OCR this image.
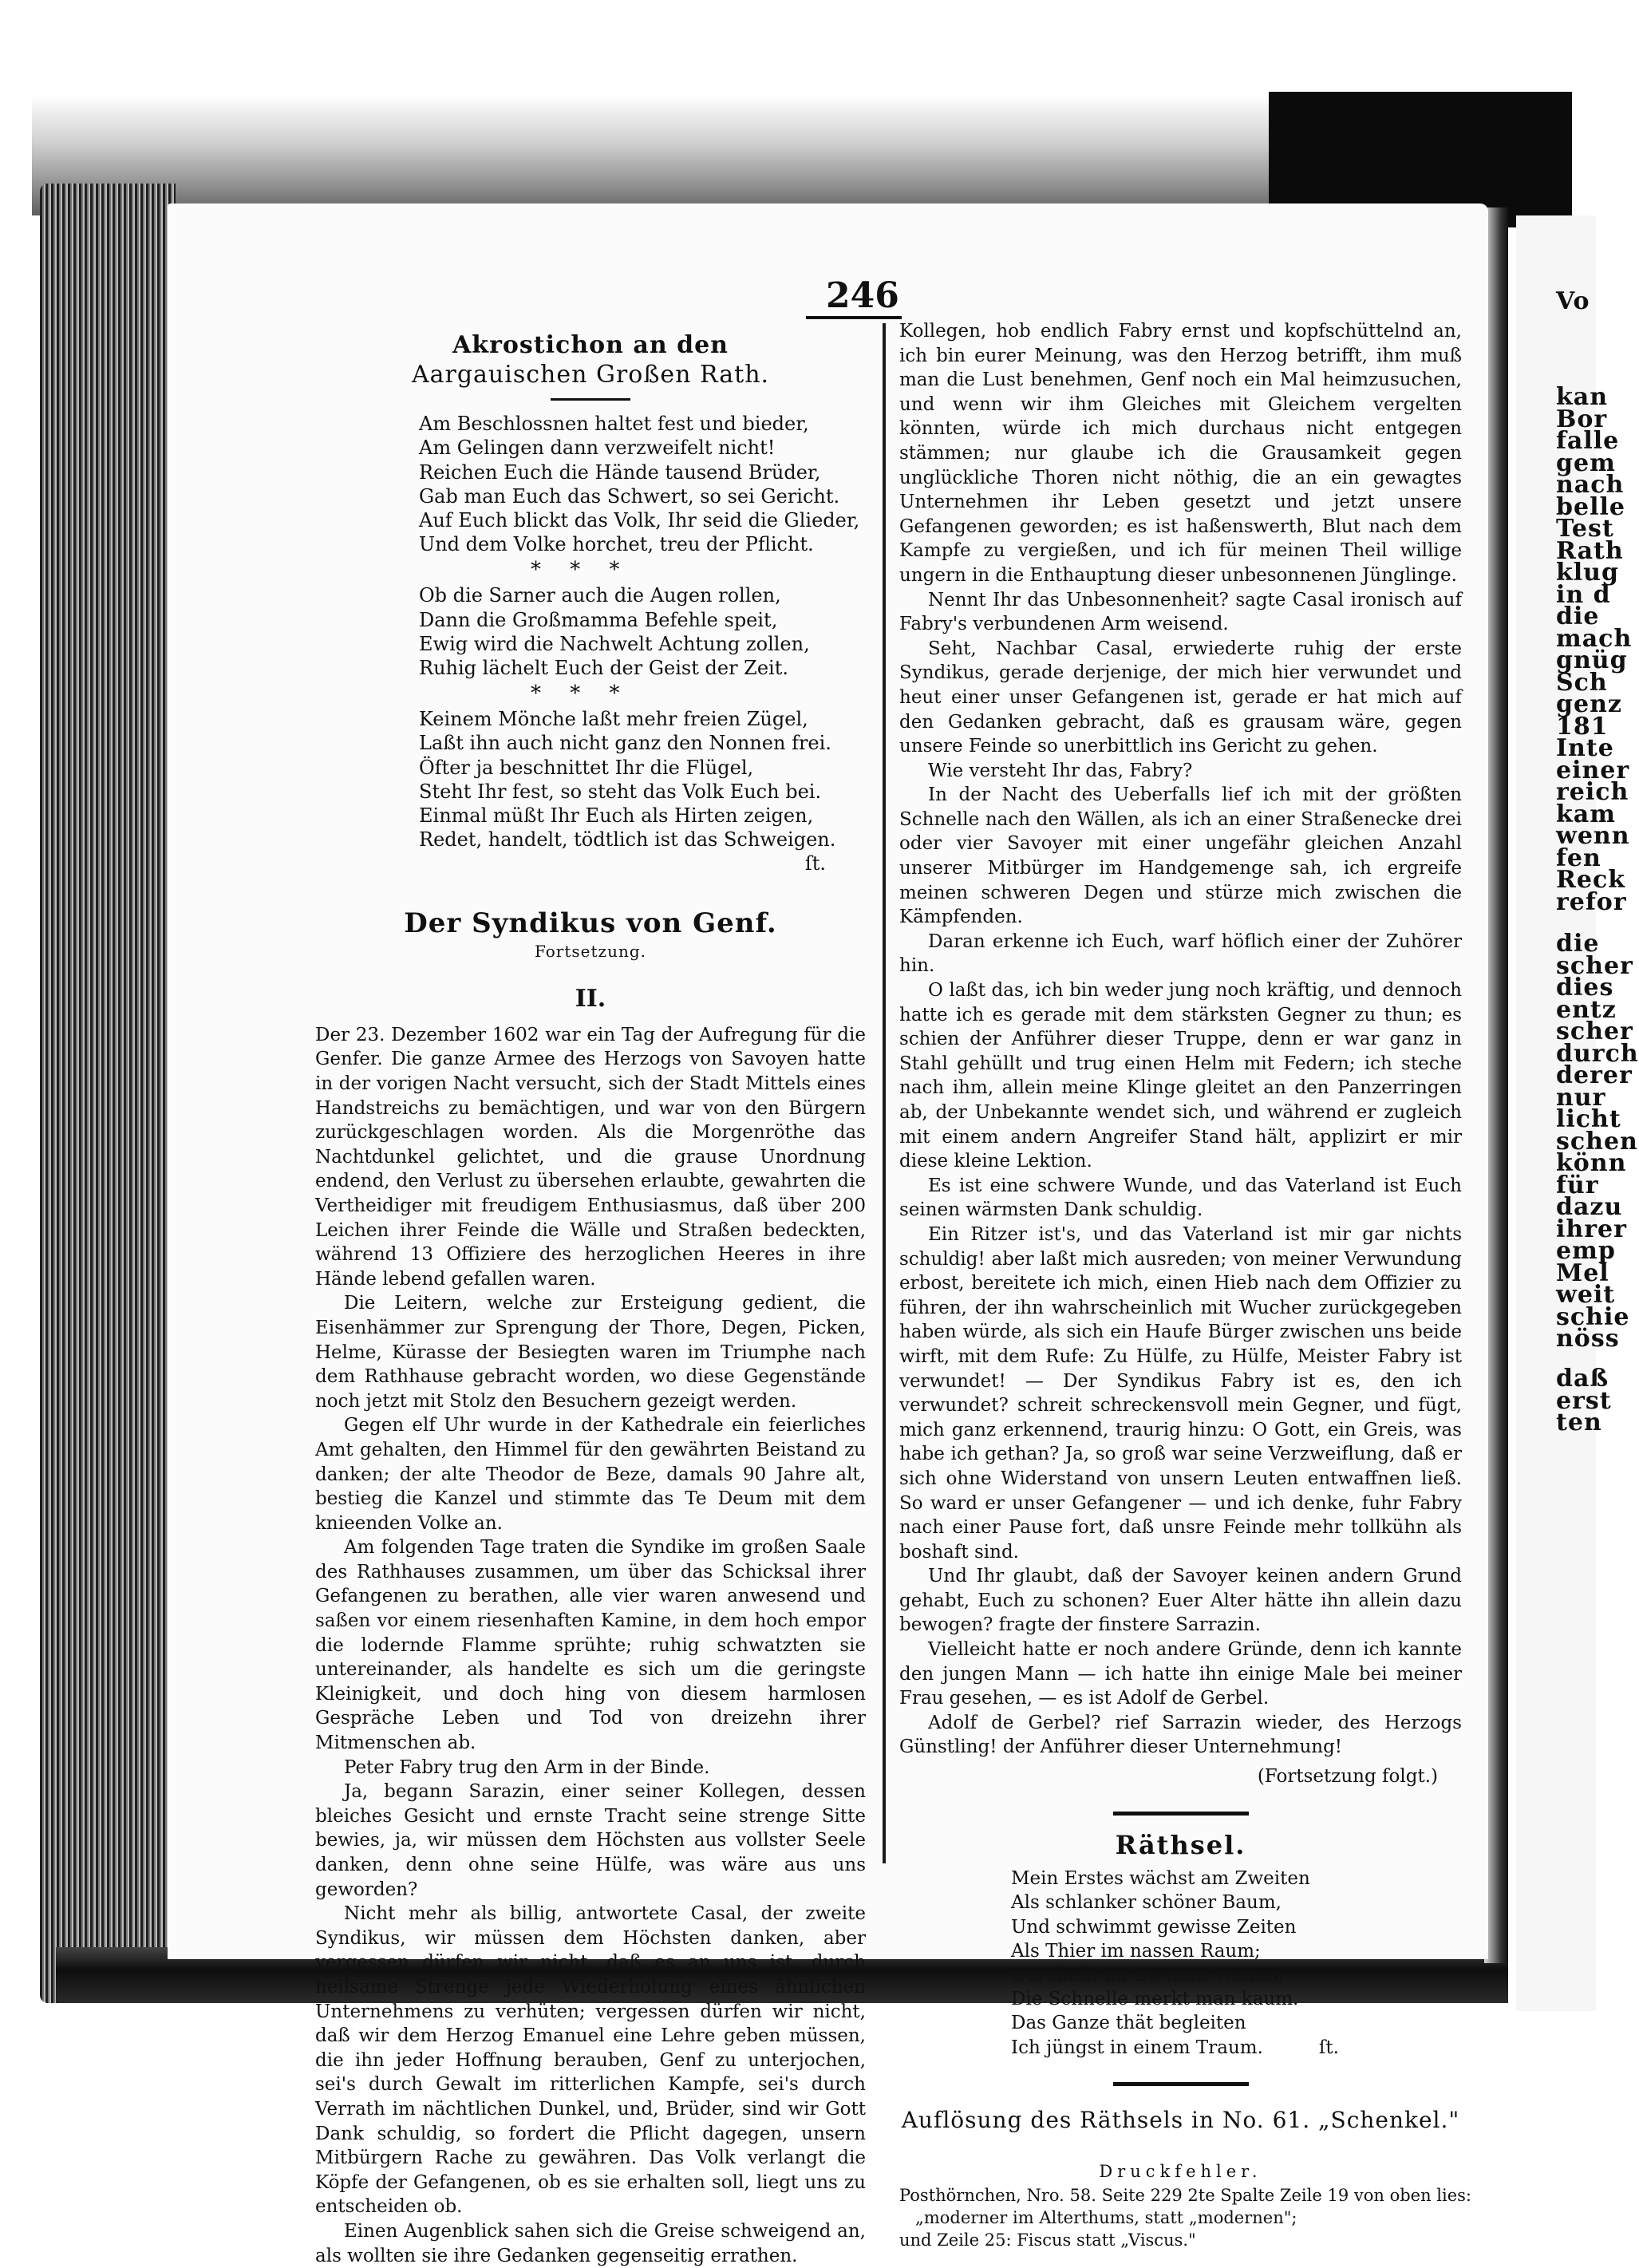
Vo
kan
Bor
falle
gem
nach
belle
Test
Rath
klug
in d
die
mach
gnüg
Sch
genz
181
Inte
einer
reich
kam
wenn
fen
Reck
refor
die
scher
dies
entz
scher
durch
derer
nur
licht
schen
könn
für
dazu
ihrer
emp
Mel
weit
schie
nöss
daß
erst
ten
246
Akrostichon an den
Aargauischen Großen Rath.
Am Beschlossnen haltet fest und bieder,
Am Gelingen dann verzweifelt nicht!
Reichen Euch die Hände tausend Brüder,
Gab man Euch das Schwert, so sei Gericht.
Auf Euch blickt das Volk, Ihr seid die Glieder,
Und dem Volke horchet, treu der Pflicht.
* * *
Ob die Sarner auch die Augen rollen,
Dann die Großmamma Befehle speit,
Ewig wird die Nachwelt Achtung zollen,
Ruhig lächelt Euch der Geist der Zeit.
* * *
Keinem Mönche laßt mehr freien Zügel,
Laßt ihn auch nicht ganz den Nonnen frei.
Öfter ja beschnittet Ihr die Flügel,
Steht Ihr fest, so steht das Volk Euch bei.
Einmal müßt Ihr Euch als Hirten zeigen,
Redet, handelt, tödtlich ist das Schweigen.
ſt.
Der Syndikus von Genf.
Fortsetzung.
II.

Der 23. Dezember 1602 war ein Tag der Aufregung für die Genfer. Die ganze Armee des Herzogs von Savoyen hatte in der vorigen Nacht versucht, sich der Stadt Mittels eines Handstreichs zu bemächtigen, und war von den Bürgern zurückgeschlagen worden. Als die Morgenröthe das Nachtdunkel gelichtet, und die grause Unordnung endend, den Verlust zu übersehen erlaubte, gewahrten die Vertheidiger mit freudigem Enthusiasmus, daß über 200 Leichen ihrer Feinde die Wälle und Straßen bedeckten, während 13 Offiziere des herzoglichen Heeres in ihre Hände lebend gefallen waren.

Die Leitern, welche zur Ersteigung gedient, die Eisenhämmer zur Sprengung der Thore, Degen, Picken, Helme, Kürasse der Besiegten waren im Triumphe nach dem Rathhause gebracht worden, wo diese Gegenstände noch jetzt mit Stolz den Besuchern gezeigt werden.

Gegen elf Uhr wurde in der Kathedrale ein feierliches Amt gehalten, den Himmel für den gewährten Beistand zu danken; der alte Theodor de Beze, damals 90 Jahre alt, bestieg die Kanzel und stimmte das Te Deum mit dem knieenden Volke an.

Am folgenden Tage traten die Syndike im großen Saale des Rathhauses zusammen, um über das Schicksal ihrer Gefangenen zu berathen, alle vier waren anwesend und saßen vor einem riesenhaften Kamine, in dem hoch empor die lodernde Flamme sprühte; ruhig schwatzten sie untereinander, als handelte es sich um die geringste Kleinigkeit, und doch hing von diesem harmlosen Gespräche Leben und Tod von dreizehn ihrer Mitmenschen ab.

Peter Fabry trug den Arm in der Binde.

Ja, begann Sarazin, einer seiner Kollegen, dessen bleiches Gesicht und ernste Tracht seine strenge Sitte bewies, ja, wir müssen dem Höchsten aus vollster Seele danken, denn ohne seine Hülfe, was wäre aus uns geworden?

Nicht mehr als billig, antwortete Casal, der zweite Syndikus, wir müssen dem Höchsten danken, aber vergessen dürfen wir nicht, daß es an uns ist, durch heilsame Strenge jede Wiederholung eines ähnlichen Unternehmens zu verhüten; vergessen dürfen wir nicht, daß wir dem Herzog Emanuel eine Lehre geben müssen, die ihn jeder Hoffnung berauben, Genf zu unterjochen, sei's durch Gewalt im ritterlichen Kampfe, sei's durch Verrath im nächtlichen Dunkel, und, Brüder, sind wir Gott Dank schuldig, so fordert die Pflicht dagegen, unsern Mitbürgern Rache zu gewähren. Das Volk verlangt die Köpfe der Gefangenen, ob es sie erhalten soll, liegt uns zu entscheiden ob.

Einen Augenblick sahen sich die Greise schweigend an, als wollten sie ihre Gedanken gegenseitig errathen.

Kollegen, hob endlich Fabry ernst und kopfschüttelnd an, ich bin eurer Meinung, was den Herzog betrifft, ihm muß man die Lust benehmen, Genf noch ein Mal heimzusuchen, und wenn wir ihm Gleiches mit Gleichem vergelten könnten, würde ich mich durchaus nicht entgegen stämmen; nur glaube ich die Grausamkeit gegen unglückliche Thoren nicht nöthig, die an ein gewagtes Unternehmen ihr Leben gesetzt und jetzt unsere Gefangenen geworden; es ist haßenswerth, Blut nach dem Kampfe zu vergießen, und ich für meinen Theil willige ungern in die Enthauptung dieser unbesonnenen Jünglinge.

Nennt Ihr das Unbesonnenheit? sagte Casal ironisch auf Fabry's verbundenen Arm weisend.

Seht, Nachbar Casal, erwiederte ruhig der erste Syndikus, gerade derjenige, der mich hier verwundet und heut einer unser Gefangenen ist, gerade er hat mich auf den Gedanken gebracht, daß es grausam wäre, gegen unsere Feinde so unerbittlich ins Gericht zu gehen.

Wie versteht Ihr das, Fabry?

In der Nacht des Ueberfalls lief ich mit der größten Schnelle nach den Wällen, als ich an einer Straßenecke drei oder vier Savoyer mit einer ungefähr gleichen Anzahl unserer Mitbürger im Handgemenge sah, ich ergreife meinen schweren Degen und stürze mich zwischen die Kämpfenden.

Daran erkenne ich Euch, warf höflich einer der Zuhörer hin.

O laßt das, ich bin weder jung noch kräftig, und dennoch hatte ich es gerade mit dem stärksten Gegner zu thun; es schien der Anführer dieser Truppe, denn er war ganz in Stahl gehüllt und trug einen Helm mit Federn; ich steche nach ihm, allein meine Klinge gleitet an den Panzerringen ab, der Unbekannte wendet sich, und während er zugleich mit einem andern Angreifer Stand hält, applizirt er mir diese kleine Lektion.

Es ist eine schwere Wunde, und das Vaterland ist Euch seinen wärmsten Dank schuldig.

Ein Ritzer ist's, und das Vaterland ist mir gar nichts schuldig! aber laßt mich ausreden; von meiner Verwundung erbost, bereitete ich mich, einen Hieb nach dem Offizier zu führen, der ihn wahrscheinlich mit Wucher zurückgegeben haben würde, als sich ein Haufe Bürger zwischen uns beide wirft, mit dem Rufe: Zu Hülfe, zu Hülfe, Meister Fabry ist verwundet! — Der Syndikus Fabry ist es, den ich verwundet? schreit schreckensvoll mein Gegner, und fügt, mich ganz erkennend, traurig hinzu: O Gott, ein Greis, was habe ich gethan? Ja, so groß war seine Verzweiflung, daß er sich ohne Widerstand von unsern Leuten entwaffnen ließ. So ward er unser Gefangener — und ich denke, fuhr Fabry nach einer Pause fort, daß unsre Feinde mehr tollkühn als boshaft sind.

Und Ihr glaubt, daß der Savoyer keinen andern Grund gehabt, Euch zu schonen? Euer Alter hätte ihn allein dazu bewogen? fragte der finstere Sarrazin.

Vielleicht hatte er noch andere Gründe, denn ich kannte den jungen Mann — ich hatte ihn einige Male bei meiner Frau gesehen, — es ist Adolf de Gerbel.

Adolf de Gerbel? rief Sarrazin wieder, des Herzogs Günstling! der Anführer dieser Unternehmung!

(Fortsetzung folgt.)
Räthsel.
Mein Erstes wächst am Zweiten
Als schlanker schöner Baum,
Und schwimmt gewisse Zeiten
Als Thier im nassen Raum;
Durcheilt im Zweiten Weiten,
Die Schnelle merkt man kaum.
Das Ganze thät begleiten
Ich jüngst in einem Traum.	ſt.
Auflösung des Räthsels in No. 61. „Schenkel."
Druckfehler.
Posthörnchen, Nro. 58. Seite 229 2te Spalte Zeile 19 von oben lies:
„moderner im Alterthums, statt „modernen";
und Zeile 25: Fiscus statt „Viscus."
